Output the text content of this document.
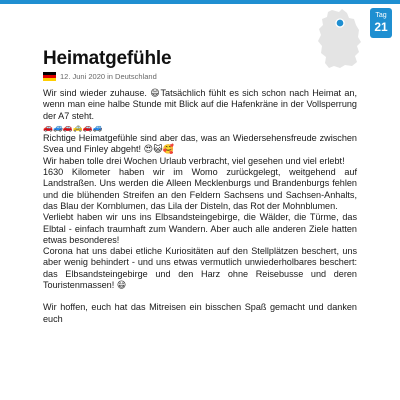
Tag
21
Heimatgefühle
12. Juni 2020 in Deutschland

Wir sind wieder zuhause. 😄Tatsächlich fühlt es sich schon nach Heimat an, wenn man eine halbe Stunde mit Blick auf die Hafenkräne in der Vollsperrung der A7 steht.

🚗🚙🚗🚕🚗🚙

Richtige Heimatgefühle sind aber das, was an Wiedersehensfreude zwischen Svea und Finley abgeht! 😍😺🥰

Wir haben tolle drei Wochen Urlaub verbracht, viel gesehen und viel erlebt!

1630 Kilometer haben wir im Womo zurückgelegt, weitgehend auf Landstraßen. Uns werden die Alleen Mecklenburgs und Brandenburgs fehlen und die blühenden Streifen an den Feldern Sachsens und Sachsen-Anhalts, das Blau der Kornblumen, das Lila der Disteln, das Rot der Mohnblumen.

Verliebt haben wir uns ins Elbsandsteingebirge, die Wälder, die Türme, das Elbtal - einfach traumhaft zum Wandern. Aber auch alle anderen Ziele hatten etwas besonderes!

Corona hat uns dabei etliche Kuriositäten auf den Stellplätzen beschert, uns aber wenig behindert - und uns etwas vermutlich unwiederholbares beschert: das Elbsandsteingebirge und den Harz ohne Reisebusse und deren Touristenmassen! 😄

Wir hoffen, euch hat das Mitreisen ein bisschen Spaß gemacht und danken euch
